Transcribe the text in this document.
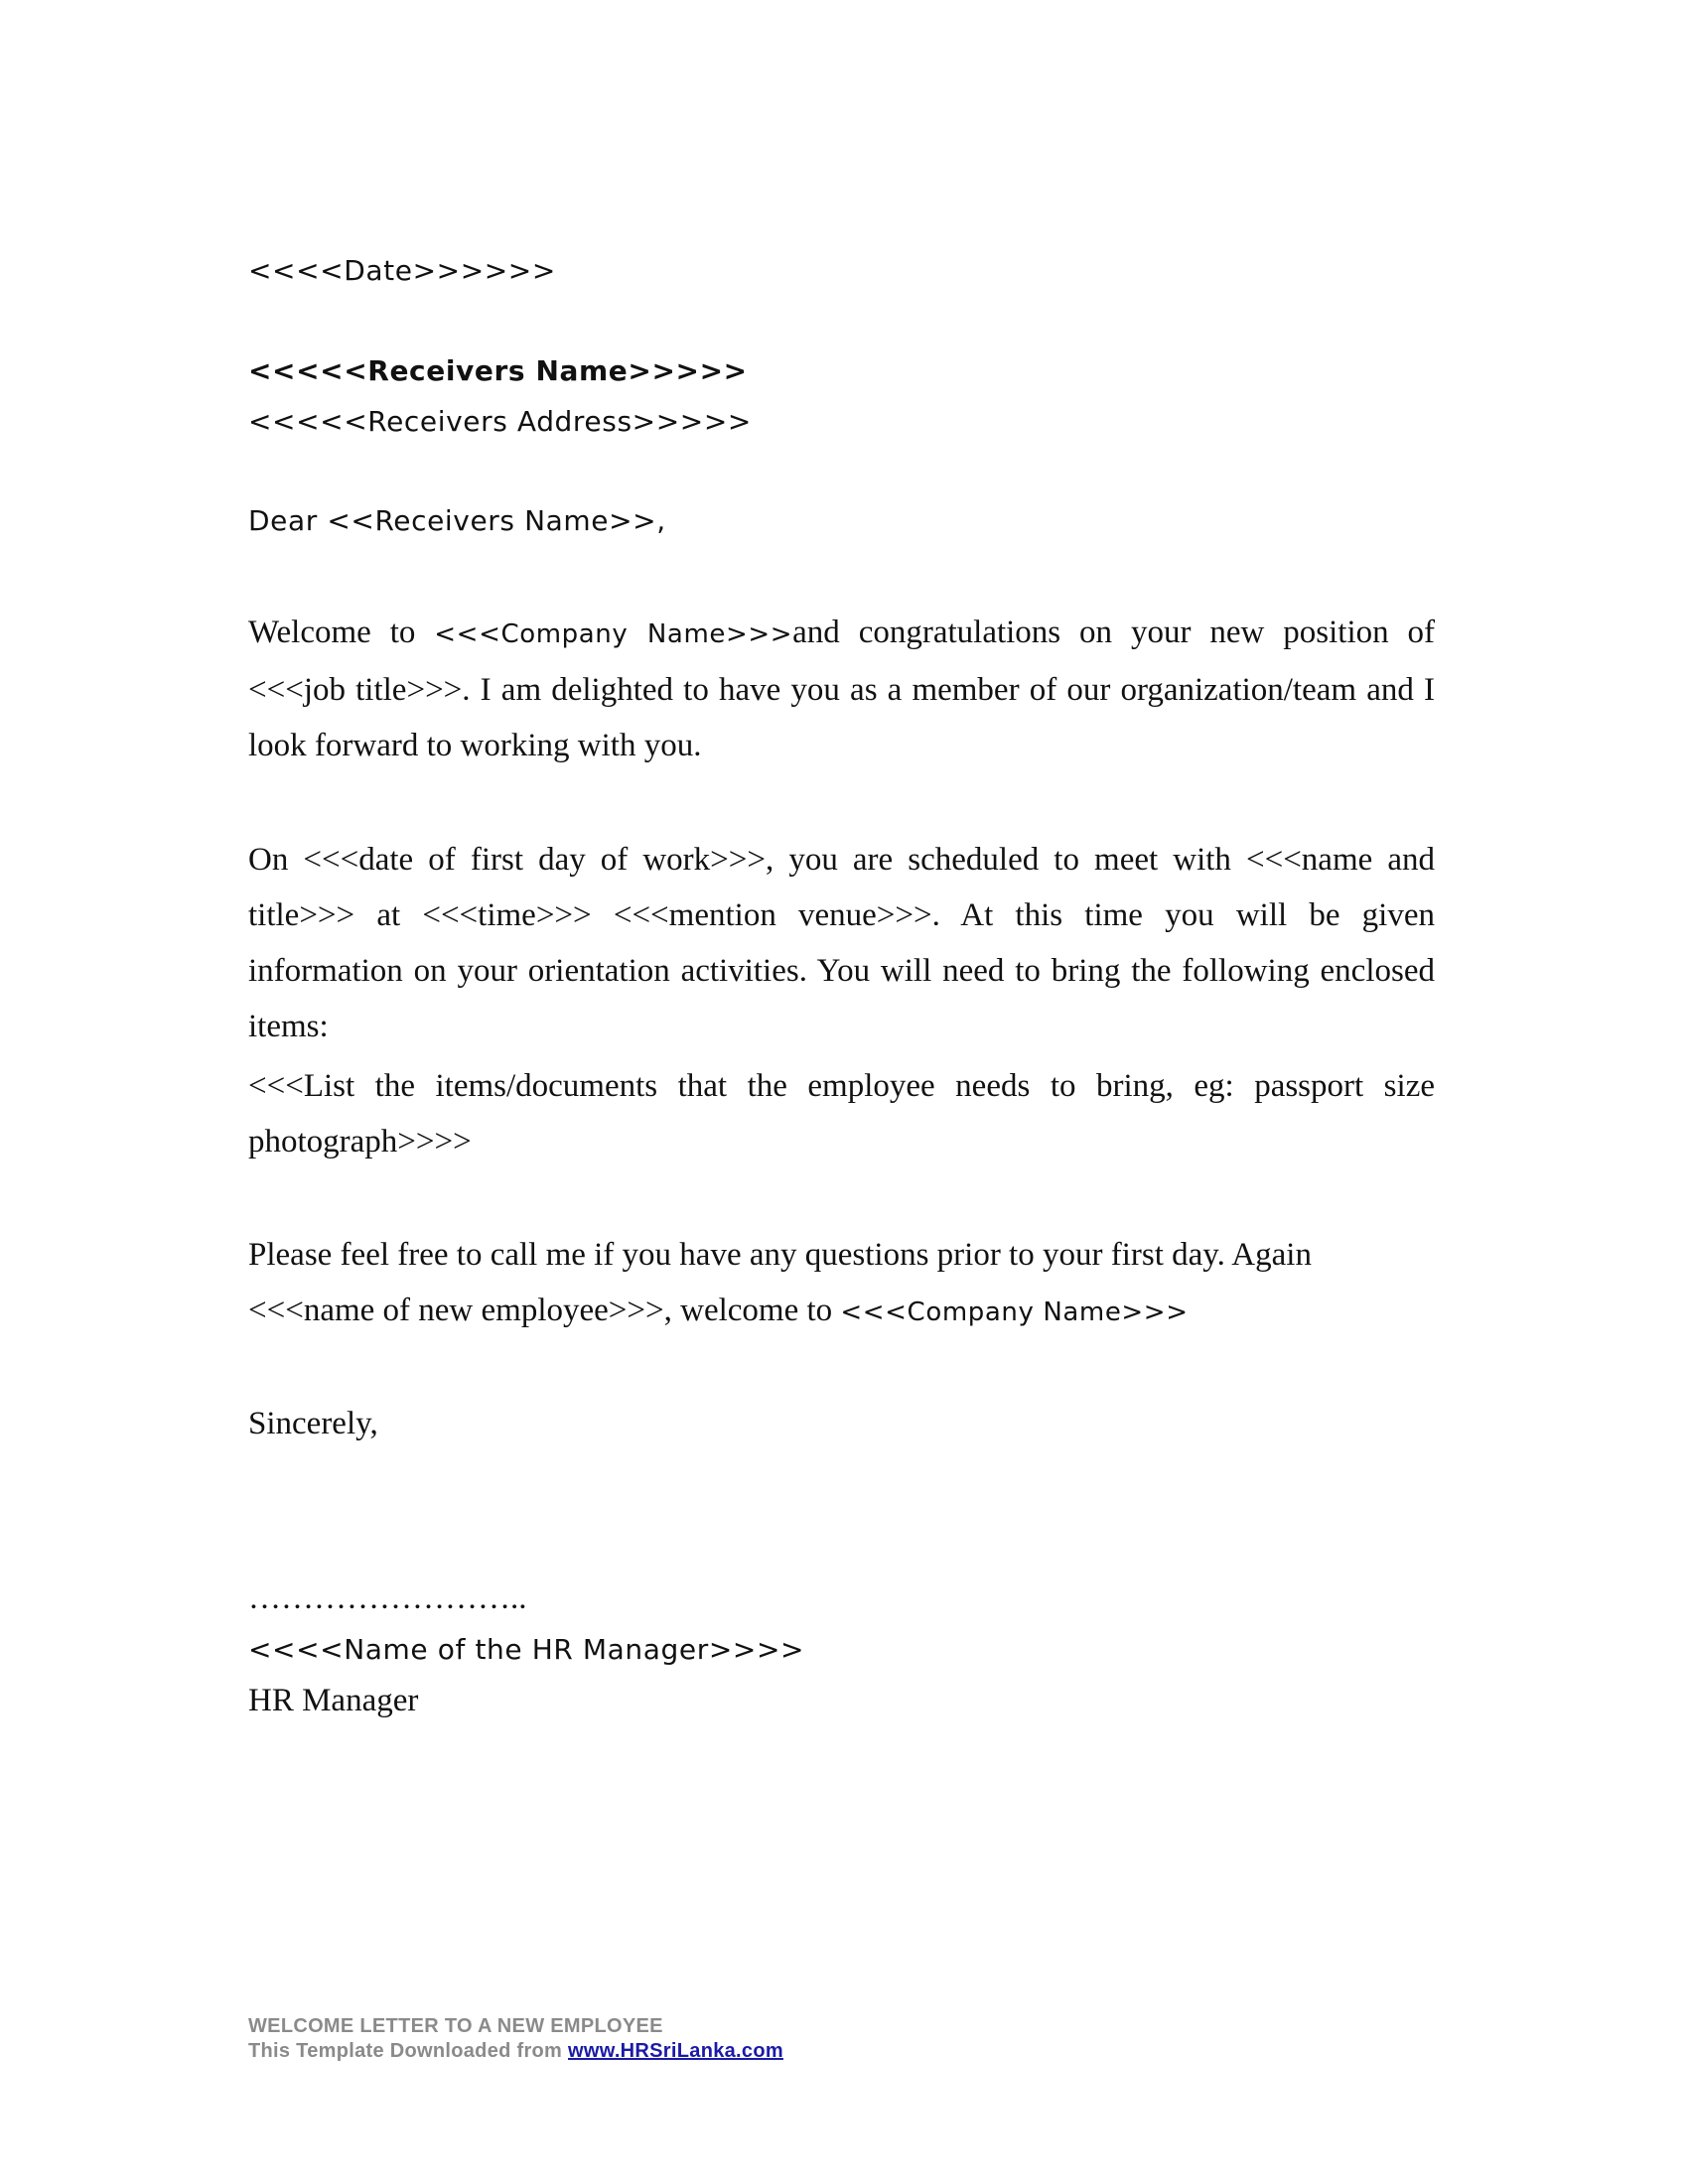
<<<<Date>>>>>>
<<<<<Receivers Name>>>>>
<<<<<Receivers Address>>>>>
Dear <<Receivers Name>>,
Welcome to <<<Company Name>>>and congratulations on your new position of
<<<job title>>>. I am delighted to have you as a member of our organization/team and I
look forward to working with you.
On <<<date of first day of work>>>, you are scheduled to meet with <<<name and
title>>> at <<<time>>> <<<mention venue>>>. At this time you will be given
information on your orientation activities. You will need to bring the following enclosed
items:
<<<List the items/documents that the employee needs to bring, eg: passport size
photograph>>>>
Please feel free to call me if you have any questions prior to your first day. Again
<<<name of new employee>>>, welcome to <<<Company Name>>>
Sincerely,
……………………..
<<<<Name of the HR Manager>>>>
HR Manager
WELCOME LETTER TO A NEW EMPLOYEE
This Template Downloaded from www.HRSriLanka.com
